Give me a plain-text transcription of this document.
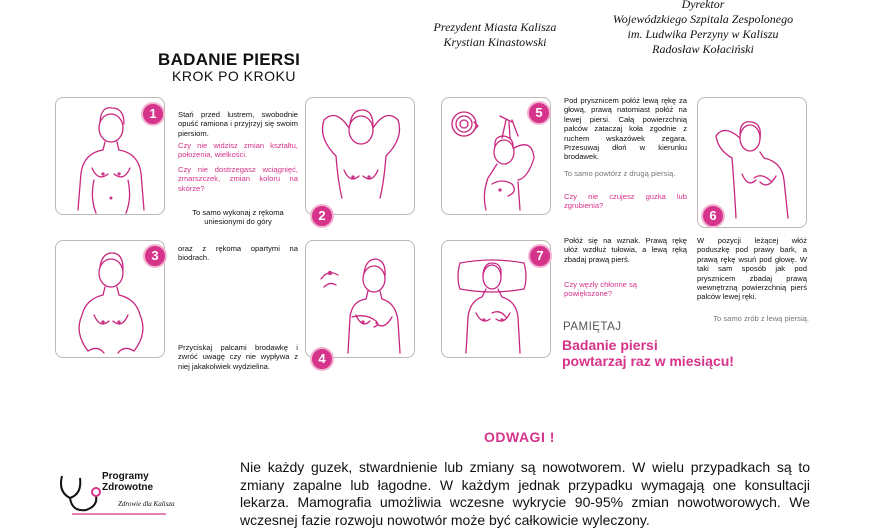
Prezydent Miasta Kalisza
Krystian Kinastowski
Dyrektor
Wojewódzkiego Szpitala Zespolonego
im. Ludwika Perzyny w Kaliszu
Radosław Kołaciński
BADANIE PIERSI
KROK PO KROKU
1	Stań przed lustrem, swobodnie opuść ramiona i przyjrzyj się swoim piersiom.
Czy nie widzisz zmian kształtu, położenia, wielkości.
Czy nie dostrzegasz wciągnięć, zmarszczek, zmian koloru na skórze?
2
To samo wykonaj z rękoma uniesionymi do góry
3	oraz z rękoma opartymi na biodrach.
4
Przyciskaj palcami brodawkę i zwróć uwagę czy nie wypływa z niej jakakolwiek wydzielina.
5
Pod prysznicem połóż lewą rękę za głową, prawą natomiast połóż na lewej piersi. Całą powierzchnią palców zataczaj koła zgodnie z ruchem wskazówek zegara. Przesuwaj dłoń w kierunku brodawek.
To samo powtórz z drugą piersią.
Czy nie czujesz guzka lub zgrubienia?
6
W pozycji leżącej włóż poduszkę pod prawy bark, a prawą rękę wsuń pod głowę. W taki sam sposób jak pod prysznicem zbadaj prawą wewnętrzną powierzchnią pierś palców lewej ręki.
To samo zrób z lewą piersią.
7
Połóż się na wznak. Prawą rękę ułóż wzdłuż tułowia, a lewą ręką zbadaj prawą pierś.
Czy węzły chłonne są powiększone?
PAMIĘTAJ
Badanie piersi
powtarzaj raz w miesiącu!
Programy
Zdrowotne
Zdrowie dla Kalisza
ODWAGI !
Nie każdy guzek, stwardnienie lub zmiany są nowotworem. W wielu przypadkach są to zmiany zapalne lub łagodne. W każdym jednak przypadku wymagają one konsultacji lekarza. Mamografia umożliwia wczesne wykrycie 90-95% zmian nowotworowych. We wczesnej fazie rozwoju nowotwór może być całkowicie wyleczony.
